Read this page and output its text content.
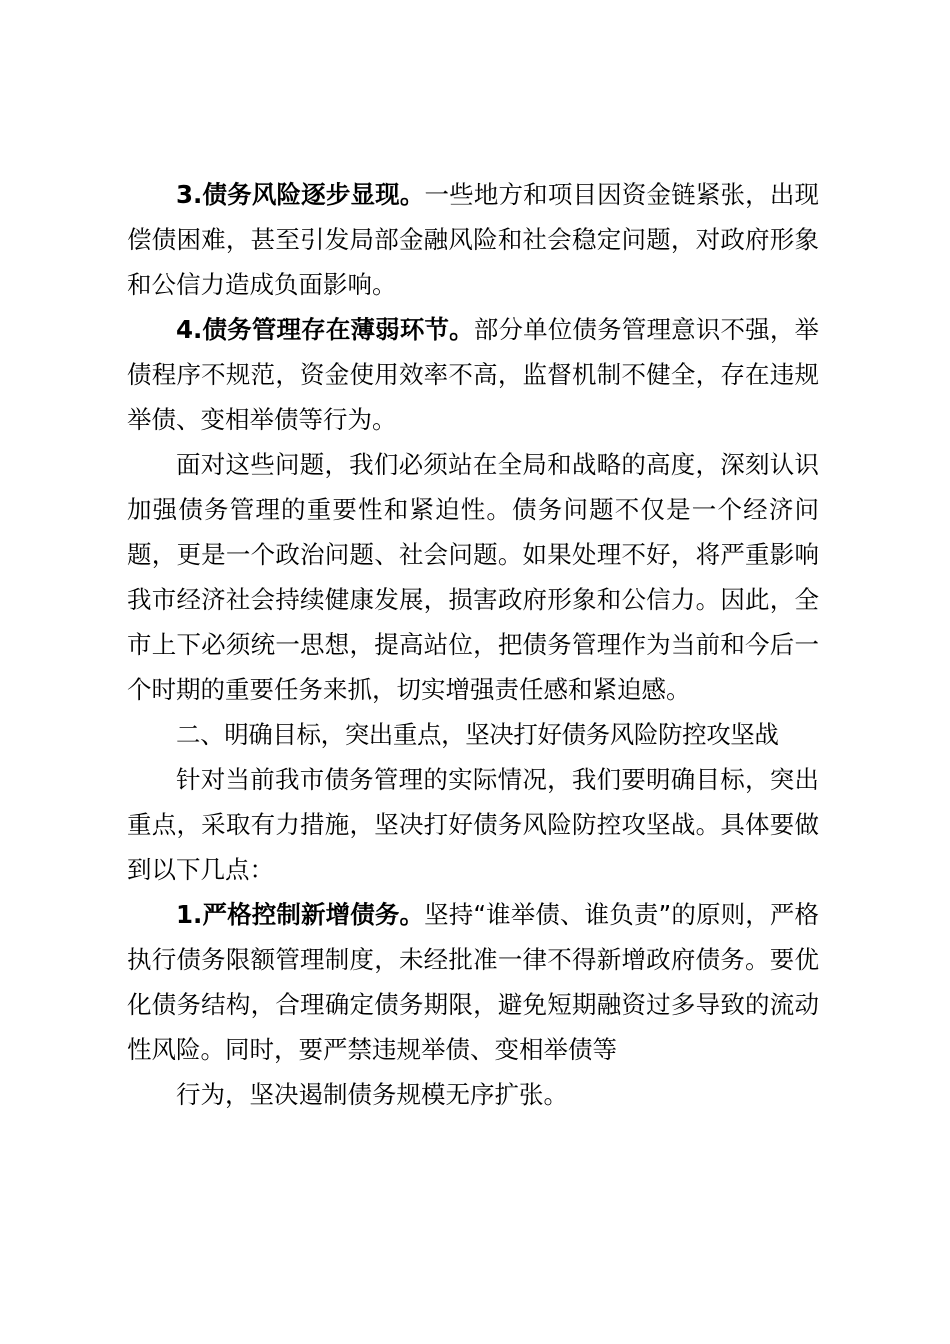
3.债务风险逐步显现。一些地方和项目因资金链紧张，出现偿债困难，甚至引发局部金融风险和社会稳定问题，对政府形象和公信力造成负面影响。

4.债务管理存在薄弱环节。部分单位债务管理意识不强，举债程序不规范，资金使用效率不高，监督机制不健全，存在违规举债、变相举债等行为。

面对这些问题，我们必须站在全局和战略的高度，深刻认识加强债务管理的重要性和紧迫性。债务问题不仅是一个经济问题，更是一个政治问题、社会问题。如果处理不好，将严重影响我市经济社会持续健康发展，损害政府形象和公信力。因此，全市上下必须统一思想，提高站位，把债务管理作为当前和今后一个时期的重要任务来抓，切实增强责任感和紧迫感。

二、明确目标，突出重点，坚决打好债务风险防控攻坚战

针对当前我市债务管理的实际情况，我们要明确目标，突出重点，采取有力措施，坚决打好债务风险防控攻坚战。具体要做到以下几点：

1.严格控制新增债务。坚持“谁举债、谁负责”的原则，严格执行债务限额管理制度，未经批准一律不得新增政府债务。要优化债务结构，合理确定债务期限，避免短期融资过多导致的流动性风险。同时，要严禁违规举债、变相举债等

行为，坚决遏制债务规模无序扩张。
